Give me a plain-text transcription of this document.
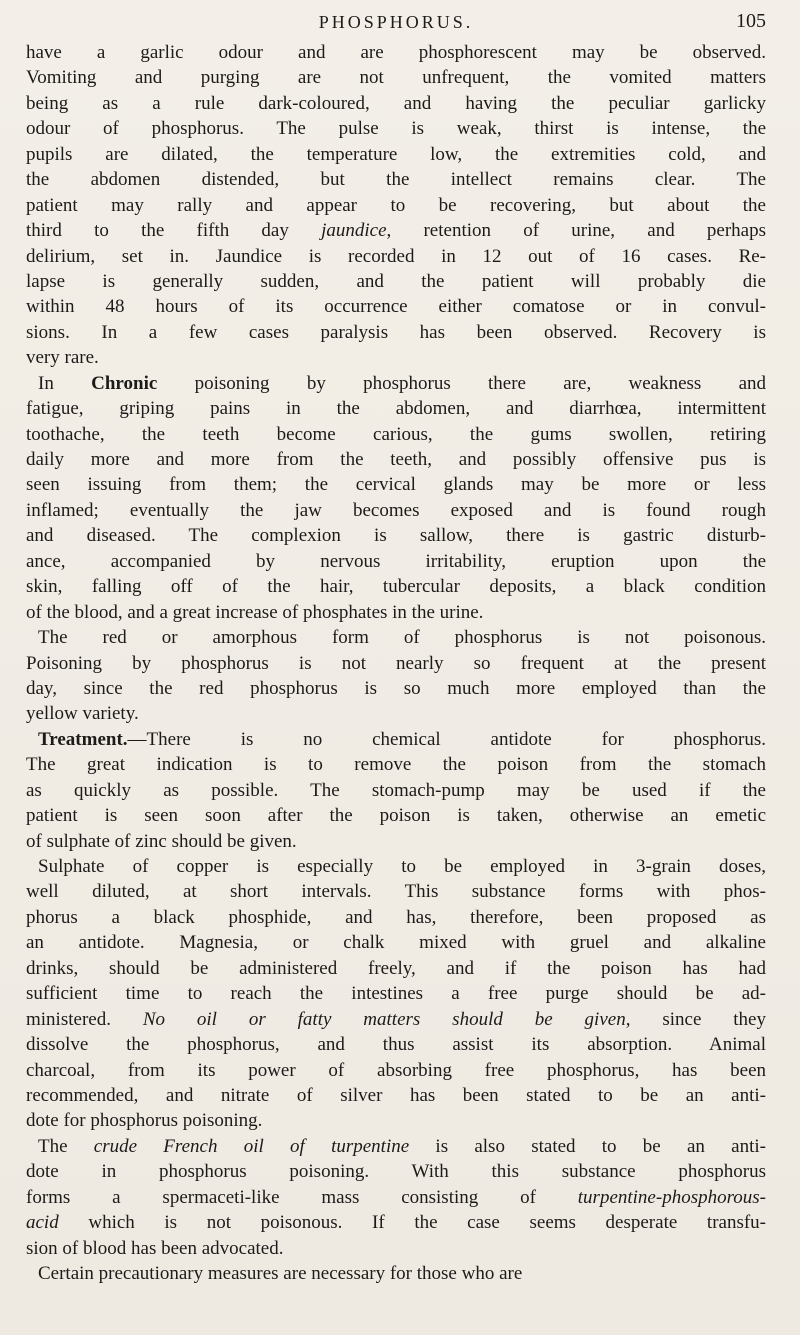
PHOSPHORUS.	105
have a garlic odour and are phosphorescent may be observed.
Vomiting and purging are not unfrequent, the vomited matters
being as a rule dark-coloured, and having the peculiar garlicky
odour of phosphorus. The pulse is weak, thirst is intense, the
pupils are dilated, the temperature low, the extremities cold, and
the abdomen distended, but the intellect remains clear. The
patient may rally and appear to be recovering, but about the
third to the fifth day jaundice, retention of urine, and perhaps
delirium, set in. Jaundice is recorded in 12 out of 16 cases. Re-
lapse is generally sudden, and the patient will probably die
within 48 hours of its occurrence either comatose or in convul-
sions. In a few cases paralysis has been observed. Recovery is
very rare.
In Chronic poisoning by phosphorus there are, weakness and
fatigue, griping pains in the abdomen, and diarrhœa, intermittent
toothache, the teeth become carious, the gums swollen, retiring
daily more and more from the teeth, and possibly offensive pus is
seen issuing from them; the cervical glands may be more or less
inflamed; eventually the jaw becomes exposed and is found rough
and diseased. The complexion is sallow, there is gastric disturb-
ance, accompanied by nervous irritability, eruption upon the
skin, falling off of the hair, tubercular deposits, a black condition
of the blood, and a great increase of phosphates in the urine.
The red or amorphous form of phosphorus is not poisonous.
Poisoning by phosphorus is not nearly so frequent at the present
day, since the red phosphorus is so much more employed than the
yellow variety.
Treatment.—There is no chemical antidote for phosphorus.
The great indication is to remove the poison from the stomach
as quickly as possible. The stomach-pump may be used if the
patient is seen soon after the poison is taken, otherwise an emetic
of sulphate of zinc should be given.
Sulphate of copper is especially to be employed in 3-grain doses,
well diluted, at short intervals. This substance forms with phos-
phorus a black phosphide, and has, therefore, been proposed as
an antidote. Magnesia, or chalk mixed with gruel and alkaline
drinks, should be administered freely, and if the poison has had
sufficient time to reach the intestines a free purge should be ad-
ministered. No oil or fatty matters should be given, since they
dissolve the phosphorus, and thus assist its absorption. Animal
charcoal, from its power of absorbing free phosphorus, has been
recommended, and nitrate of silver has been stated to be an anti-
dote for phosphorus poisoning.
The crude French oil of turpentine is also stated to be an anti-
dote in phosphorus poisoning. With this substance phosphorus
forms a spermaceti-like mass consisting of turpentine-phosphorous-
acid which is not poisonous. If the case seems desperate transfu-
sion of blood has been advocated.
Certain precautionary measures are necessary for those who are
